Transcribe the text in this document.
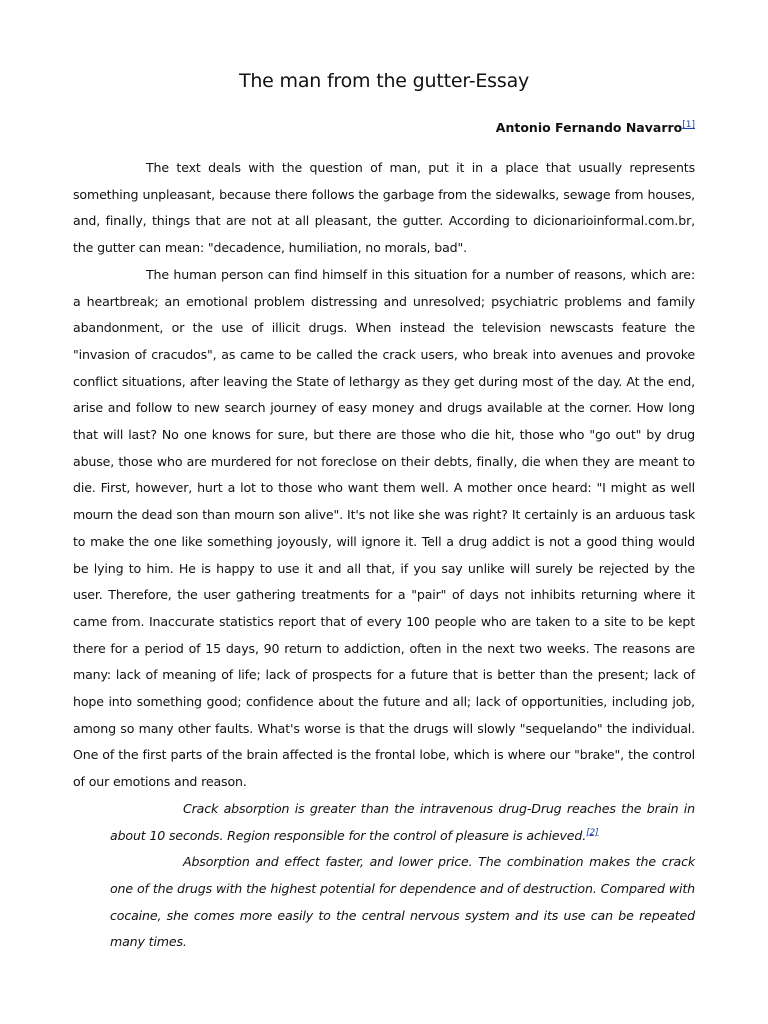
The man from the gutter-Essay
Antonio Fernando Navarro[1]

The text deals with the question of man, put it in a place that usually represents something unpleasant, because there follows the garbage from the sidewalks, sewage from houses, and, finally, things that are not at all pleasant, the gutter. According to dicionarioinformal.com.br, the gutter can mean: "decadence, humiliation, no morals, bad".

The human person can find himself in this situation for a number of reasons, which are: a heartbreak; an emotional problem distressing and unresolved; psychiatric problems and family abandonment, or the use of illicit drugs. When instead the television newscasts feature the "invasion of cracudos", as came to be called the crack users, who break into avenues and provoke conflict situations, after leaving the State of lethargy as they get during most of the day. At the end, arise and follow to new search journey of easy money and drugs available at the corner. How long that will last? No one knows for sure, but there are those who die hit, those who "go out" by drug abuse, those who are murdered for not foreclose on their debts, finally, die when they are meant to die. First, however, hurt a lot to those who want them well. A mother once heard: "I might as well mourn the dead son than mourn son alive". It's not like she was right? It certainly is an arduous task to make the one like something joyously, will ignore it. Tell a drug addict is not a good thing would be lying to him. He is happy to use it and all that, if you say unlike will surely be rejected by the user. Therefore, the user gathering treatments for a "pair" of days not inhibits returning where it came from. Inaccurate statistics report that of every 100 people who are taken to a site to be kept there for a period of 15 days, 90 return to addiction, often in the next two weeks. The reasons are many: lack of meaning of life; lack of prospects for a future that is better than the present; lack of hope into something good; confidence about the future and all; lack of opportunities, including job, among so many other faults. What's worse is that the drugs will slowly "sequelando" the individual. One of the first parts of the brain affected is the frontal lobe, which is where our "brake", the control of our emotions and reason.

Crack absorption is greater than the intravenous drug-Drug reaches the brain in about 10 seconds. Region responsible for the control of pleasure is achieved.[2]

Absorption and effect faster, and lower price. The combination makes the crack one of the drugs with the highest potential for dependence and of destruction. Compared with cocaine, she comes more easily to the central nervous system and its use can be repeated many times.
